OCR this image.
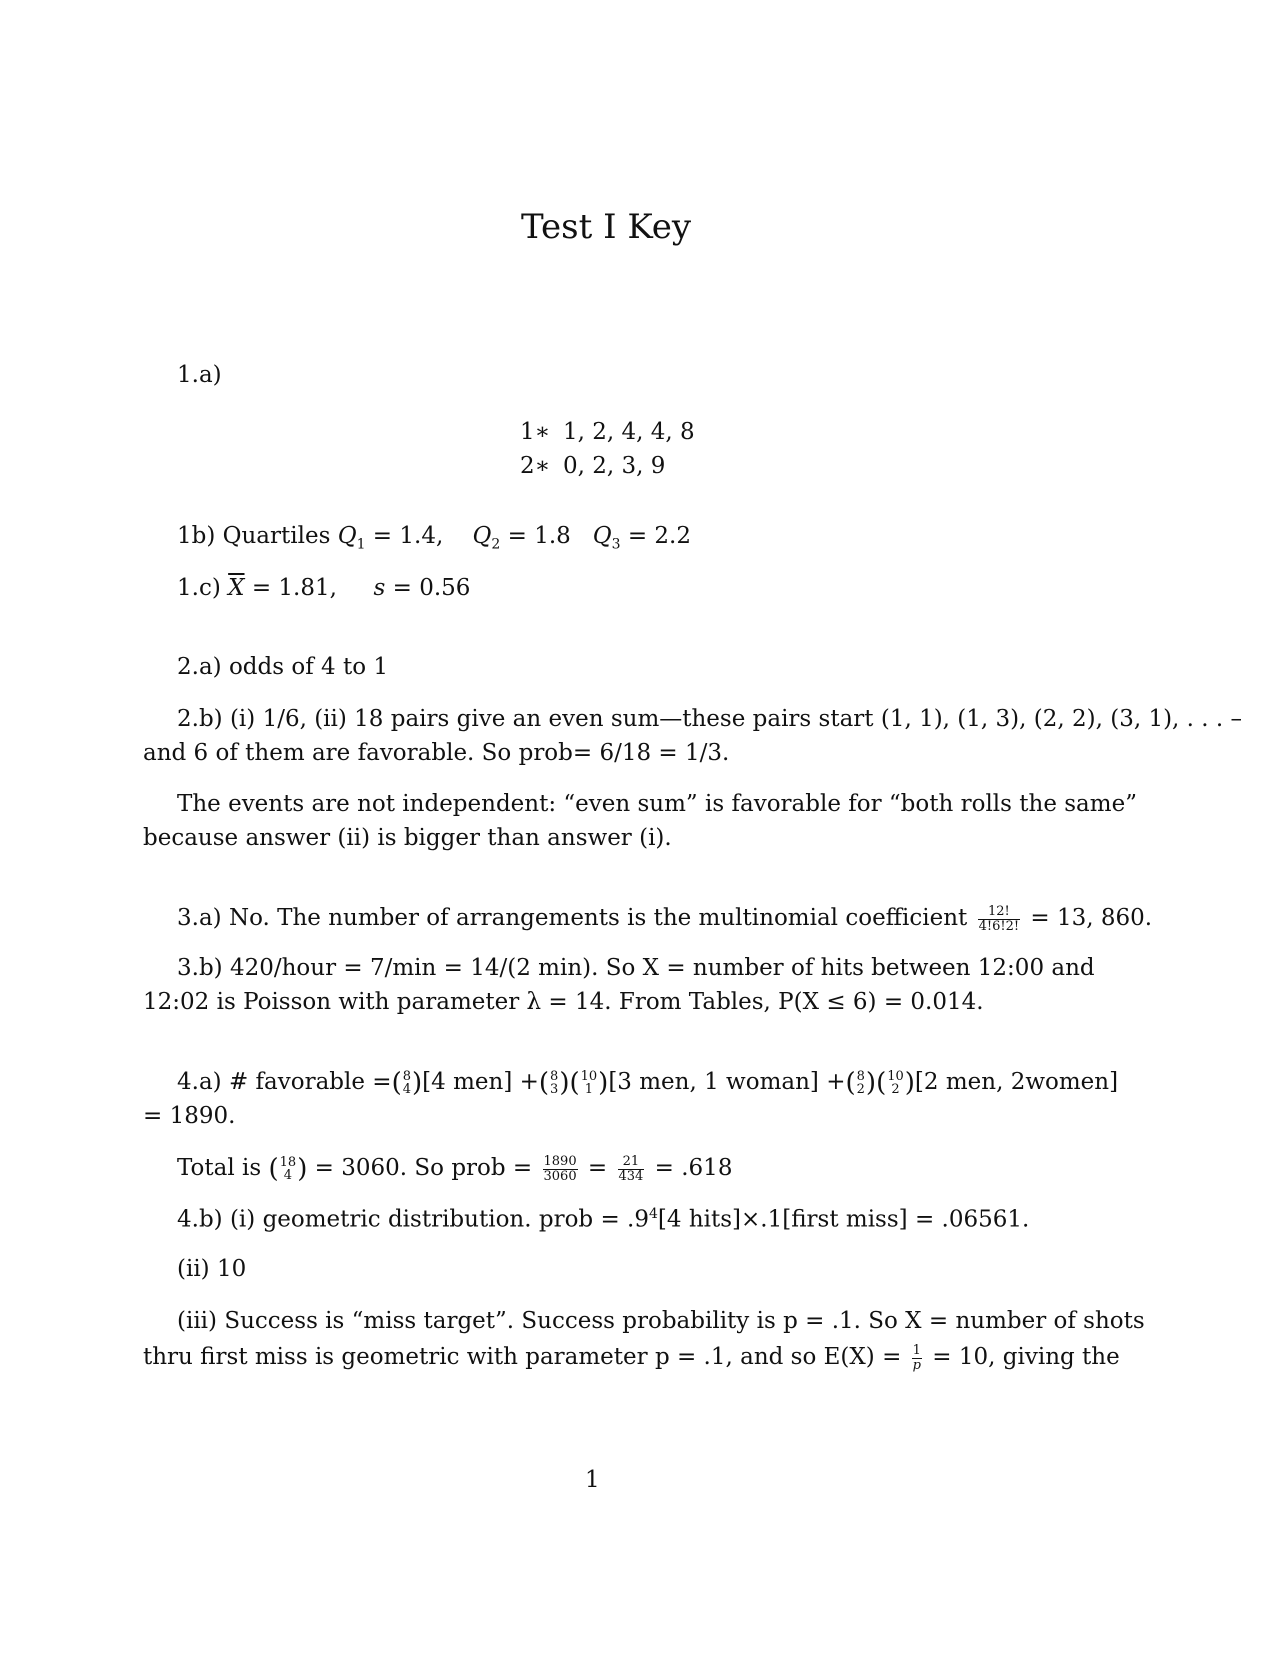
Test I Key
1.a)
1∗ 1, 2, 4, 4, 8
2∗ 0, 2, 3, 9
1b) Quartiles $Q_1 = 1.4$, $Q_2 = 1.8$ $Q_3 = 2.2$
1.c) $\overline{X} = 1.81$, s = 0.56
2.a) odds of 4 to 1
2.b) (i) 1/6, (ii) 18 pairs give an even sum—these pairs start (1, 1), (1, 3), (2, 2), (3, 1), . . . –
and 6 of them are favorable. So prob= 6/18 = 1/3.
The events are not independent: “even sum” is favorable for “both rolls the same”
because answer (ii) is bigger than answer (i).
3.a) No. The number of arrangements is the multinomial coefficient $\frac{12!}{4!6!2!} = 13$, 860.
3.b) 420/hour = 7/min = 14/(2 min). So X = number of hits between 12:00 and
12:02 is Poisson with parameter λ = 14. From Tables, P(X ≤ 6) = 0.014.
4.a) # favorable =( 8
4 )[4 men] +( 8
3 )( 10
1 )[3 men, 1 woman] +( 8
2 )( 10
2 )[2 men, 2women]
= 1890.
Total is ( 18
4 ) = 3060. So prob = $\frac{1890}{3060} = \frac{21}{434} = .618$
4.b) (i) geometric distribution. prob = $.9^4[4$ hits]×.1[first miss] = .06561.
(ii) 10
(iii) Success is “miss target”. Success probability is p = .1. So X = number of shots
thru first miss is geometric with parameter p = .1, and so $E(X) = \frac{1}{p} = 10$, giving the
1
